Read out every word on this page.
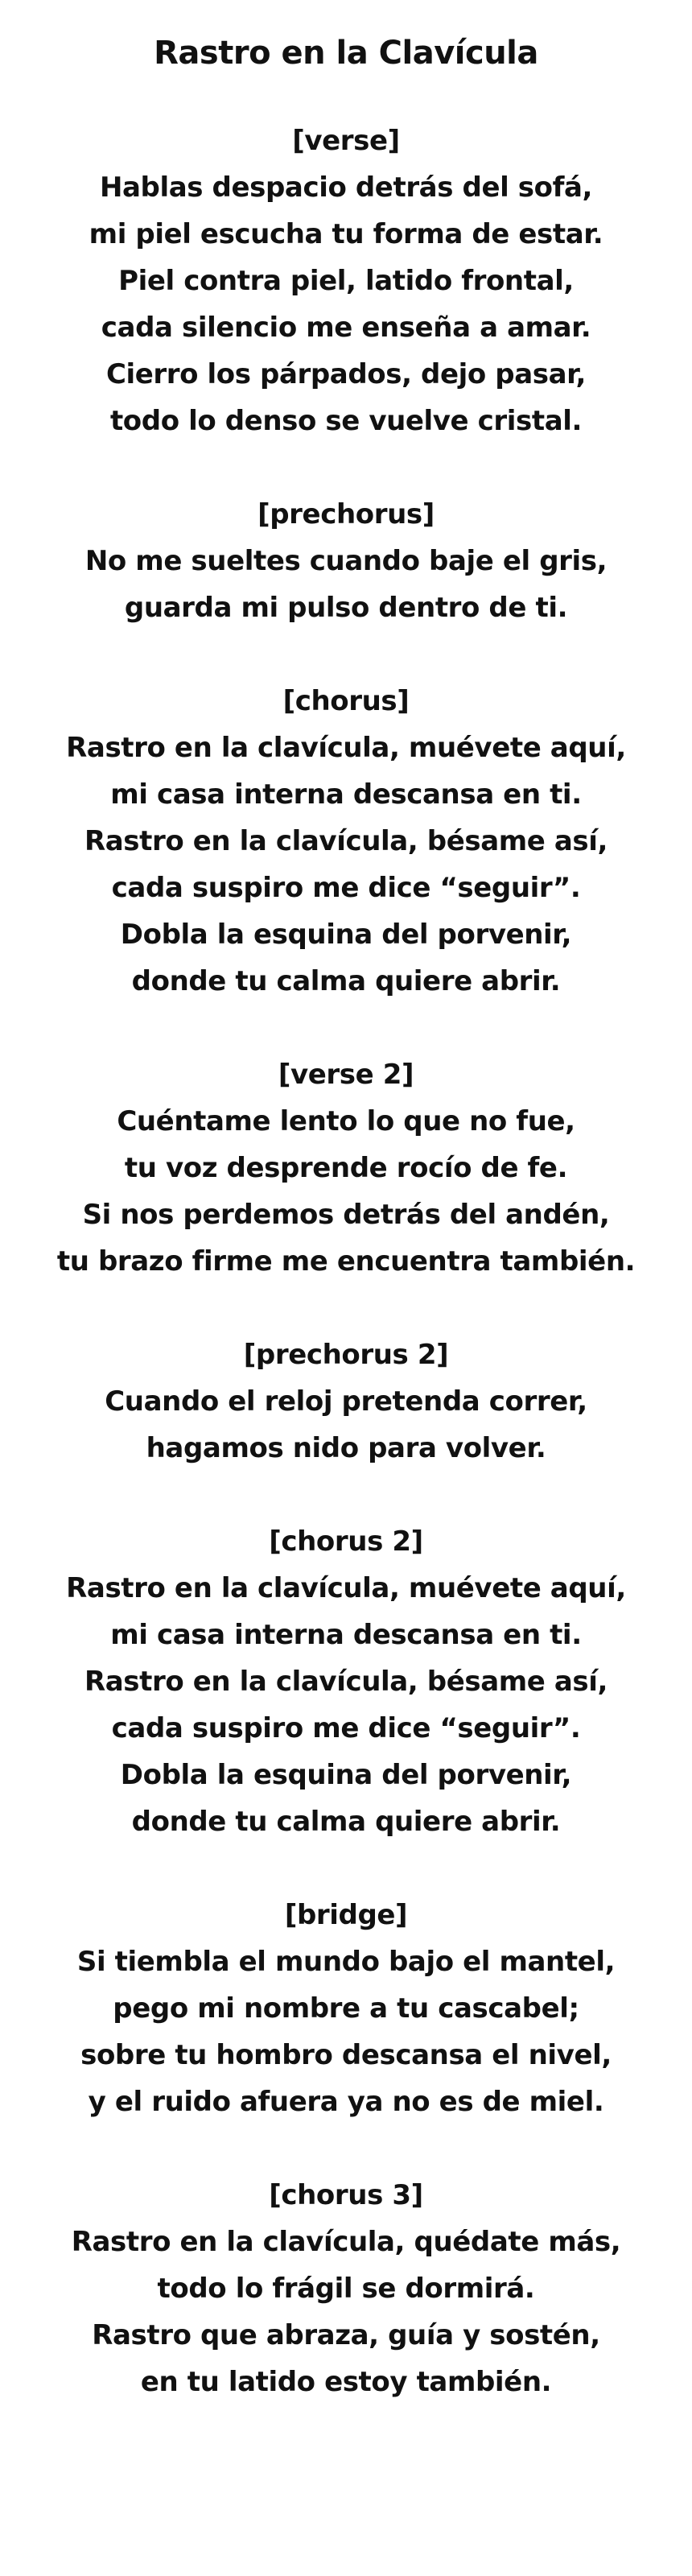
Rastro en la Clavícula
[verse]
Hablas despacio detrás del sofá,
mi piel escucha tu forma de estar.
Piel contra piel, latido frontal,
cada silencio me enseña a amar.
Cierro los párpados, dejo pasar,
todo lo denso se vuelve cristal.
[prechorus]
No me sueltes cuando baje el gris,
guarda mi pulso dentro de ti.
[chorus]
Rastro en la clavícula, muévete aquí,
mi casa interna descansa en ti.
Rastro en la clavícula, bésame así,
cada suspiro me dice “seguir”.
Dobla la esquina del porvenir,
donde tu calma quiere abrir.
[verse 2]
Cuéntame lento lo que no fue,
tu voz desprende rocío de fe.
Si nos perdemos detrás del andén,
tu brazo firme me encuentra también.
[prechorus 2]
Cuando el reloj pretenda correr,
hagamos nido para volver.
[chorus 2]
Rastro en la clavícula, muévete aquí,
mi casa interna descansa en ti.
Rastro en la clavícula, bésame así,
cada suspiro me dice “seguir”.
Dobla la esquina del porvenir,
donde tu calma quiere abrir.
[bridge]
Si tiembla el mundo bajo el mantel,
pego mi nombre a tu cascabel;
sobre tu hombro descansa el nivel,
y el ruido afuera ya no es de miel.
[chorus 3]
Rastro en la clavícula, quédate más,
todo lo frágil se dormirá.
Rastro que abraza, guía y sostén,
en tu latido estoy también.
